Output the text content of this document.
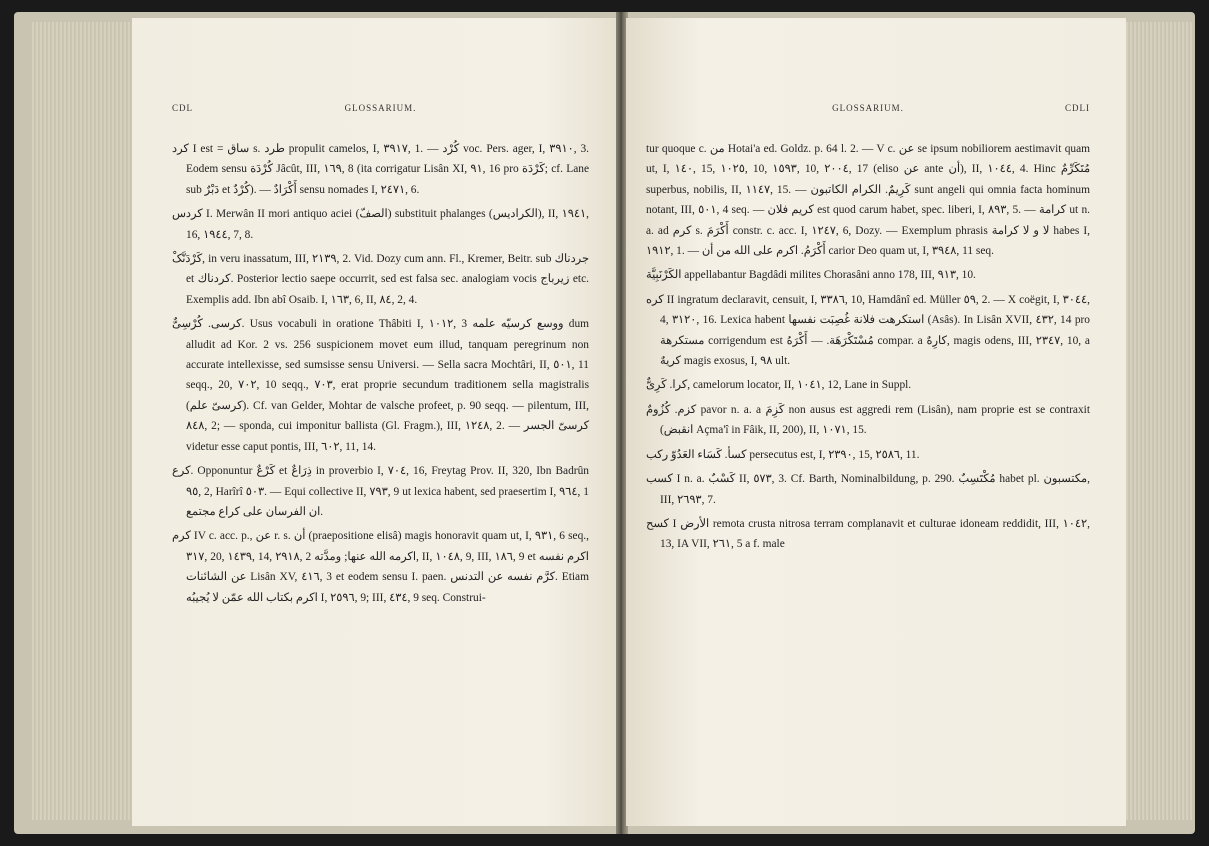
CDL	GLOSSARIUM.

کرد I est = ساق s. طرد propulit camelos, I, ٣٩١٧, 1. — کُرْد voc. Pers. ager, I, ٣٩١٠, 3. Eodem sensu کُرْدَة Jâcût, III, ١٦٩, 8 (ita corrigatur Lisân XI, ٩١, 16 pro کَرْدَة; cf. Lane sub دَبْرٌ et کُرْدٌ). — أَکْرَادٌ sensu nomades I, ٢٤٧١, 6.

کردس I. Merwân II mori antiquo aciei (الصفّ) substituit phalanges (الکرادیس), II, ١٩٤١, 16, ١٩٤٤, 7, 8.

کَرْدَنَّکْ, in veru inassatum, III, ٢١٣٩, 2. Vid. Dozy cum ann. Fl., Kremer, Beitr. sub جردناك et کردناك. Posterior lectio saepe occurrit, sed est falsa sec. analogiam vocis زیرباج etc. Exemplis add. Ibn abî Osaib. I, ١٦٣, 6, II, ٨٤, 2, 4.

کرسى. کُرْسِىٌّ. Usus vocabuli in oratione Thâbiti I, ١٠١٢, 3 ووسع کرسیّه علمه dum alludit ad Kor. 2 vs. 256 suspicionem movet eum illud, tanquam peregrinum non accurate intellexisse, sed sumsisse sensu Universi. — Sella sacra Mochtâri, II, ٥٠١, 11 seqq., 20, ٧٠٢, 10 seqq., ٧٠٣, erat proprie secundum traditionem sella magistralis (کرسیّ علم). Cf. van Gelder, Mohtar de valsche profeet, p. 90 seqq. — pilentum, III, ٨٤٨, 2; — sponda, cui imponitur ballista (Gl. Fragm.), III, ١٢٤٨, 2. — کرسىّ الجسر videtur esse caput pontis, III, ٦٠٢, 11, 14.

کرع. Opponuntur کَرْعٌ et ذِرَاعٌ in proverbio I, ٧٠٤, 16, Freytag Prov. II, 320, Ibn Badrûn ٩٥, 2, Harîrî ٥٠٣. — Equi collective II, ٧٩٣, 9 ut lexica habent, sed praesertim I, ٩٦٤, 1 ان الفرسان على کراع مجتمع.

کرم IV c. acc. p., عن r. s. أن (praepositione elisâ) magis honoravit quam ut, I, ٩٣١, 6 seq., ٣١٧, 20, ١٤٣٩, 14, ٢٩١٨, 2 اکرمه الله عنها; ومدَّته, II, ١٠٤٨, 9, III, ١٨٦, 9 et اکرم نفسه عن الشائنات Lisân XV, ٤١٦, 3 et eodem sensu I. paen. کرَّم نفسه عن التدنس. Etiam اکرم بکتاب الله عمّن لا یُجیبُه I, ٢٥٩٦, 9; III, ٤٣٤, 9 seq. Construi-

GLOSSARIUM.	CDLI

tur quoque c. من Hotai'a ed. Goldz. p. 64 l. 2. — V c. عن se ipsum nobiliorem aestimavit quam ut, I, ١٤٠, 15, ١٠٢٥, 10, ١٥٩٣, 10, ٢٠٠٤, 17 (eliso عن ante أن), II, ١٠٤٤, 4. Hinc مُتَکَرِّمٌ superbus, nobilis, II, ١١٤٧, 15. — کَرِیمٌ. الکرام الکاتبون sunt angeli qui omnia facta hominum notant, III, ٥٠١, 4 seq. — کریم فلان est quod carum habet, spec. liberi, I, ٨٩٣, 5. — کرامة ut n. a. ad کرم s. أَکْرَمَ constr. c. acc. I, ١٢٤٧, 6, Dozy. — Exemplum phrasis لا و لا کرامة habes I, ١٩١٢, 1. — أَکْرَمُ. اکرم على الله من أن carior Deo quam ut, I, ٣٩٤٨, 11 seq.

الکَرْنَبِیَّة appellabantur Bagdâdi milites Chorasâni anno 178, III, ٩١٣, 10.

کره II ingratum declaravit, censuit, I, ٣٣٨٦, 10, Hamdânî ed. Müller ٥٩, 2. — X coëgit, I, ٣٠٤٤, 4, ٣١٢٠, 16. Lexica habent استکرهت فلانة غُصِبَت نفسها (Asâs). In Lisân XVII, ٤٣٢, 14 pro مستکرهة corrigendum est مُسْتَکْرَهَة. — أَکْرَهُ compar. a کارِهٌ, magis odens, III, ٢٣٤٧, 10, a کریهٌ magis exosus, I, ٩٨ ult.

کرا. کَرِىٌّ, camelorum locator, II, ١٠٤١, 12, Lane in Suppl.

کزم. کُزُومٌ pavor n. a. a کَزِمَ non ausus est aggredi rem (Lisân), nam proprie est se contraxit (انقبض Açma'î in Fâik, II, 200), II, ١٠٧١, 15.

کسأ. کَسَاء العَدُوّ رکب persecutus est, I, ٢٣٩٠, 15, ٢٥٨٦, 11.

کسب I n. a. کَسْبٌ II, ٥٧٣, 3. Cf. Barth, Nominalbildung, p. 290. مُکْتَسِبٌ habet pl. مکتسبون, III, ٢٦٩٣, 7.

کسح I الأرض remota crusta nitrosa terram complanavit et culturae idoneam reddidit, III, ١٠٤٢, 13, IA VII, ٢٦١, 5 a f. male
